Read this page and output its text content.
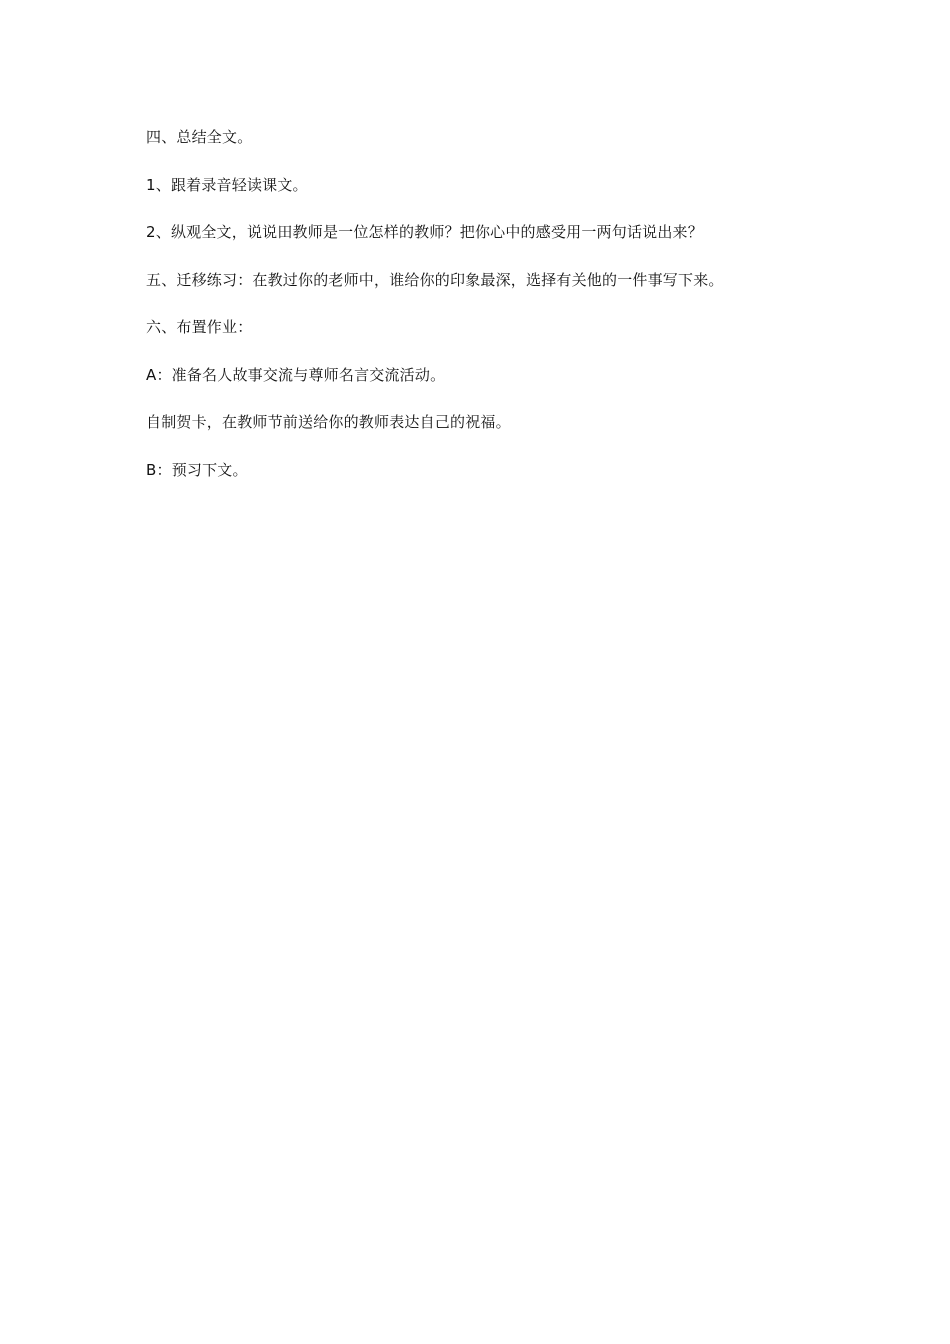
四、总结全文。

1、跟着录音轻读课文。

2、纵观全文，说说田教师是一位怎样的教师？把你心中的感受用一两句话说出来？

五、迁移练习：在教过你的老师中，谁给你的印象最深，选择有关他的一件事写下来。

六、布置作业：

A：准备名人故事交流与尊师名言交流活动。

自制贺卡，在教师节前送给你的教师表达自己的祝福。

B：预习下文。
